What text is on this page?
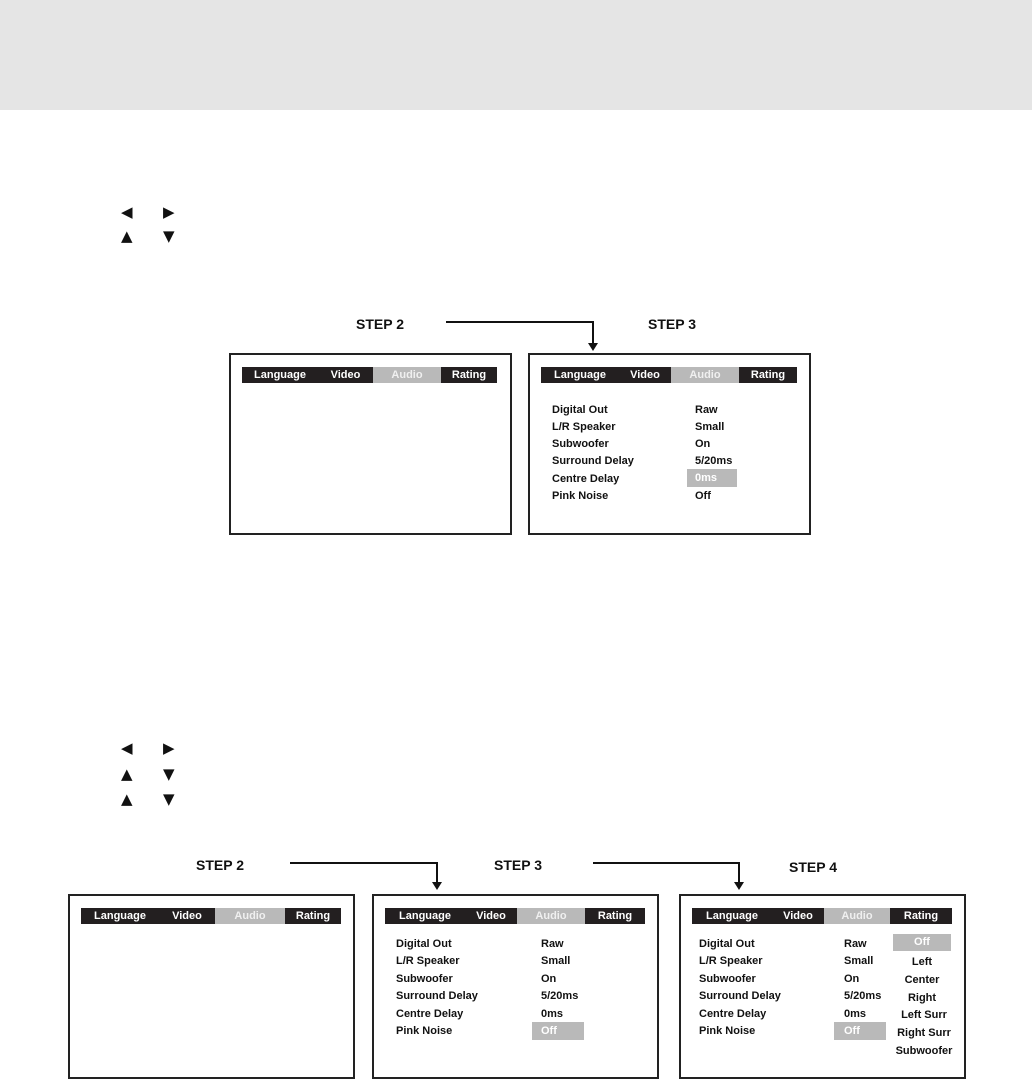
◀ ▶
▲ ▼
STEP 2	STEP 3
Language	Video	Audio	Rating	Language	Video	Audio	Rating
Digital Out	Raw
L/R Speaker	Small
Subwoofer	On
Surround Delay	5/20ms
Centre Delay	0ms
Pink Noise	Off
◀ ▶
▲ ▼
▲ ▼
STEP 2	STEP 3	STEP 4
Language	Video	Audio	Rating	Language	Video	Audio	Rating
Digital Out	Raw
L/R Speaker	Small
Subwoofer	On
Surround Delay	5/20ms
Centre Delay	0ms
Pink Noise	Off
Language	Video	Audio	Rating
Digital Out	Raw
L/R Speaker	Small
Subwoofer	On
Surround Delay	5/20ms
Centre Delay	0ms
Pink Noise	Off
Off
Left
Center
Right
Left Surr
Right Surr
Subwoofer
